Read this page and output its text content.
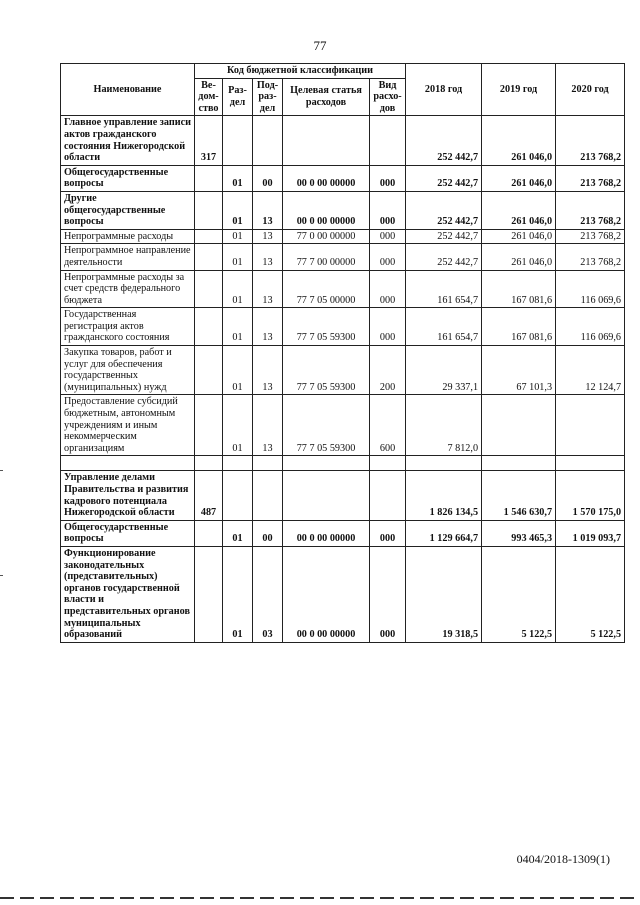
77
Наименование	Код бюджетной классификации					2018 год	2019 год	2020 год
	Ве-дом-ство	Раз-дел	Под-раз-дел	Целевая статья расходов	Вид расхо-дов			
Главное управление записи актов гражданского состояния Нижегородской области	317					252 442,7	261 046,0	213 768,2
Общегосударственные вопросы		01	00	00 0 00 00000	000	252 442,7	261 046,0	213 768,2
Другие общегосударственные вопросы		01	13	00 0 00 00000	000	252 442,7	261 046,0	213 768,2
Непрограммные расходы		01	13	77 0 00 00000	000	252 442,7	261 046,0	213 768,2
Непрограммное направление деятельности		01	13	77 7 00 00000	000	252 442,7	261 046,0	213 768,2
Непрограммные расходы за счет средств федерального бюджета		01	13	77 7 05 00000	000	161 654,7	167 081,6	116 069,6
Государственная регистрация актов гражданского состояния		01	13	77 7 05 59300	000	161 654,7	167 081,6	116 069,6
Закупка товаров, работ и услуг для обеспечения государственных (муниципальных) нужд		01	13	77 7 05 59300	200	29 337,1	67 101,3	12 124,7
Предоставление субсидий бюджетным, автономным учреждениям и иным некоммерческим организациям		01	13	77 7 05 59300	600	7 812,0		

Управление делами Правительства и развития кадрового потенциала Нижегородской области	487					1 826 134,5	1 546 630,7	1 570 175,0
Общегосударственные вопросы		01	00	00 0 00 00000	000	1 129 664,7	993 465,3	1 019 093,7
Функционирование законодательных (представительных) органов государственной власти и представительных органов муниципальных образований		01	03	00 0 00 00000	000	19 318,5	5 122,5	5 122,5
0404/2018-1309(1)
